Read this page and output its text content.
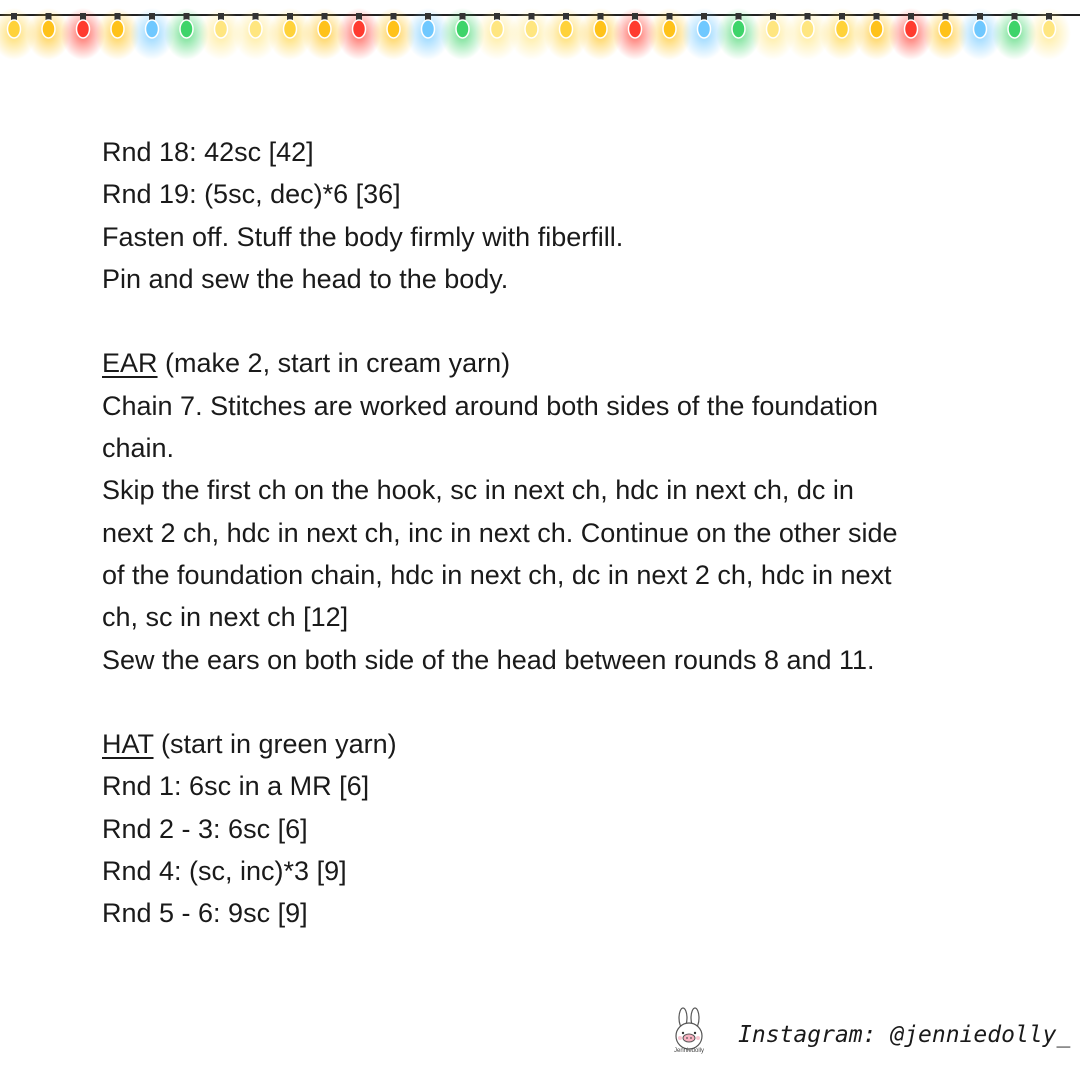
Rnd 18: 42sc [42]
Rnd 19: (5sc, dec)*6 [36]
Fasten off. Stuff the body firmly with fiberfill.
Pin and sew the head to the body.
EAR (make 2, start in cream yarn)
Chain 7. Stitches are worked around both sides of the foundation
chain.
Skip the first ch on the hook, sc in next ch, hdc in next ch, dc in
next 2 ch, hdc in next ch, inc in next ch. Continue on the other side
of the foundation chain, hdc in next ch, dc in next 2 ch, hdc in next
ch, sc in next ch [12]
Sew the ears on both side of the head between rounds 8 and 11.
HAT (start in green yarn)
Rnd 1: 6sc in a MR [6]
Rnd 2 - 3: 6sc [6]
Rnd 4: (sc, inc)*3 [9]
Rnd 5 - 6: 9sc [9]
Jenniedolly
Instagram: @jenniedolly_
